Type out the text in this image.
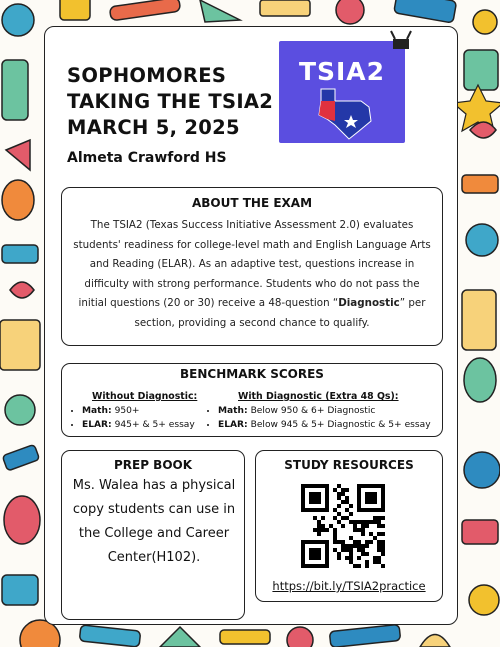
SOPHOMORES
TAKING THE TSIA2
MARCH 5, 2025
Almeta Crawford HS
TSIA2
ABOUT THE EXAM
The TSIA2 (Texas Success Initiative Assessment 2.0) evaluates students' readiness for college-level math and English Language Arts and Reading (ELAR). As an adaptive test, questions increase in difficulty with strong performance. Students who do not pass the initial questions (20 or 30) receive a 48-question “Diagnostic” per section, providing a second chance to qualify.
BENCHMARK SCORES
Without Diagnostic:
• Math: 950+
• ELAR: 945+ & 5+ essay
With Diagnostic (Extra 48 Qs):
• Math: Below 950 & 6+ Diagnostic
• ELAR: Below 945 & 5+ Diagnostic & 5+ essay
PREP BOOK
Ms. Walea has a physical copy students can use in the College and Career Center(H102).
STUDY RESOURCES
https://bit.ly/TSIA2practice
